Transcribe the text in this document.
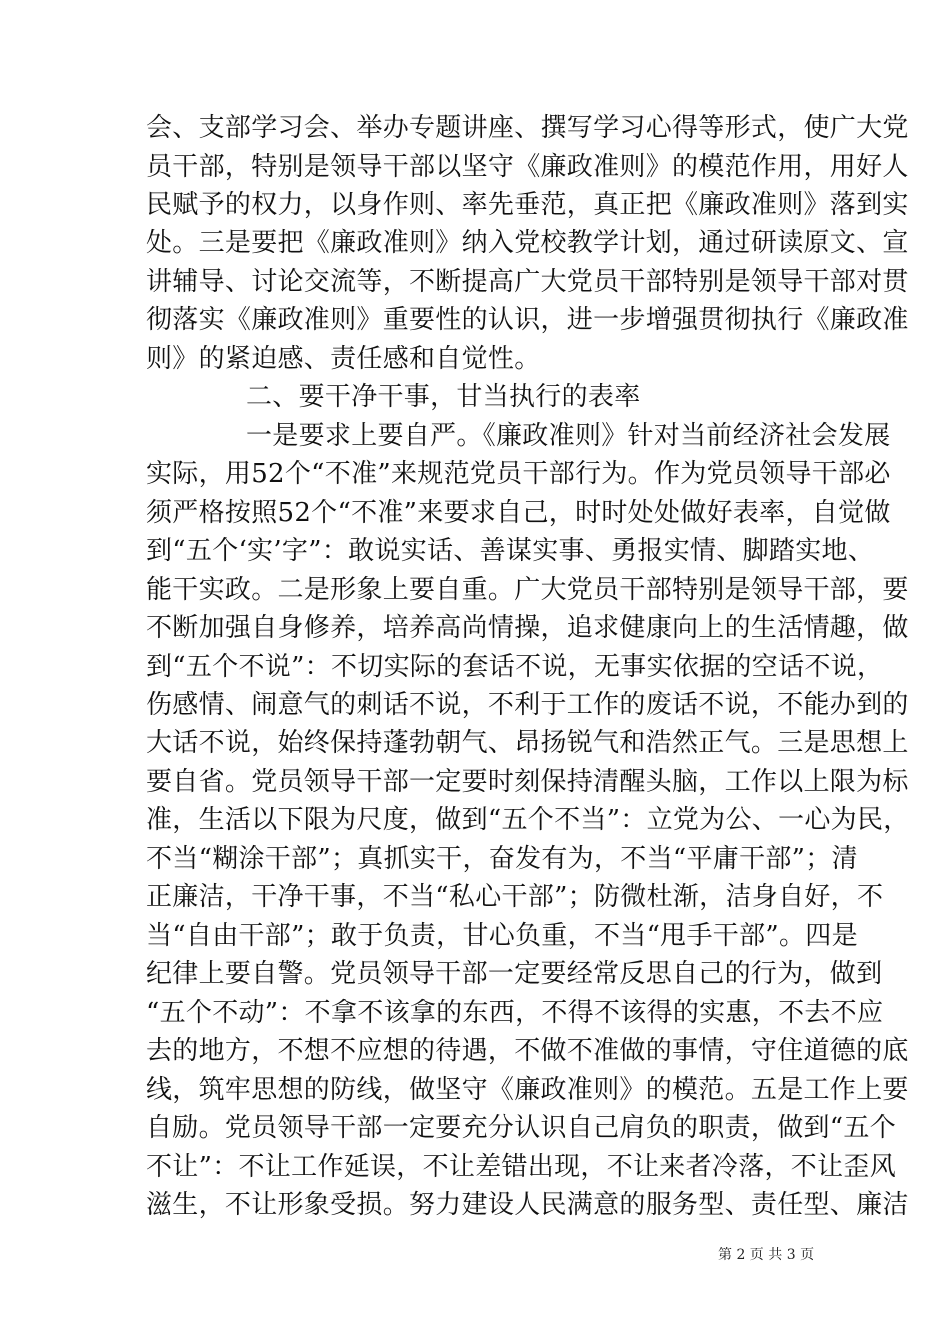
会、支部学习会、举办专题讲座、撰写学习心得等形式，使广大党
员干部，特别是领导干部以坚守《廉政准则》的模范作用，用好人
民赋予的权力，以身作则、率先垂范，真正把《廉政准则》落到实
处。三是要把《廉政准则》纳入党校教学计划，通过研读原文、宣
讲辅导、讨论交流等，不断提高广大党员干部特别是领导干部对贯
彻落实《廉政准则》重要性的认识，进一步增强贯彻执行《廉政准
则》的紧迫感、责任感和自觉性。
二、要干净干事，甘当执行的表率
一是要求上要自严。《廉政准则》针对当前经济社会发展
实际，用52个“不准”来规范党员干部行为。作为党员领导干部必
须严格按照52个“不准”来要求自己，时时处处做好表率，自觉做
到“五个‘实’字”：敢说实话、善谋实事、勇报实情、脚踏实地、
能干实政。二是形象上要自重。广大党员干部特别是领导干部，要
不断加强自身修养，培养高尚情操，追求健康向上的生活情趣，做
到“五个不说”：不切实际的套话不说，无事实依据的空话不说，
伤感情、闹意气的刺话不说，不利于工作的废话不说，不能办到的
大话不说，始终保持蓬勃朝气、昂扬锐气和浩然正气。三是思想上
要自省。党员领导干部一定要时刻保持清醒头脑，工作以上限为标
准，生活以下限为尺度，做到“五个不当”：立党为公、一心为民，
不当“糊涂干部”；真抓实干，奋发有为，不当“平庸干部”；清
正廉洁，干净干事，不当“私心干部”；防微杜渐，洁身自好，不
当“自由干部”；敢于负责，甘心负重，不当“甩手干部”。四是
纪律上要自警。党员领导干部一定要经常反思自己的行为，做到
“五个不动”：不拿不该拿的东西，不得不该得的实惠，不去不应
去的地方，不想不应想的待遇，不做不准做的事情，守住道德的底
线，筑牢思想的防线，做坚守《廉政准则》的模范。五是工作上要
自励。党员领导干部一定要充分认识自己肩负的职责，做到“五个
不让”：不让工作延误，不让差错出现，不让来者冷落，不让歪风
滋生，不让形象受损。努力建设人民满意的服务型、责任型、廉洁
第 2 页 共 3 页
